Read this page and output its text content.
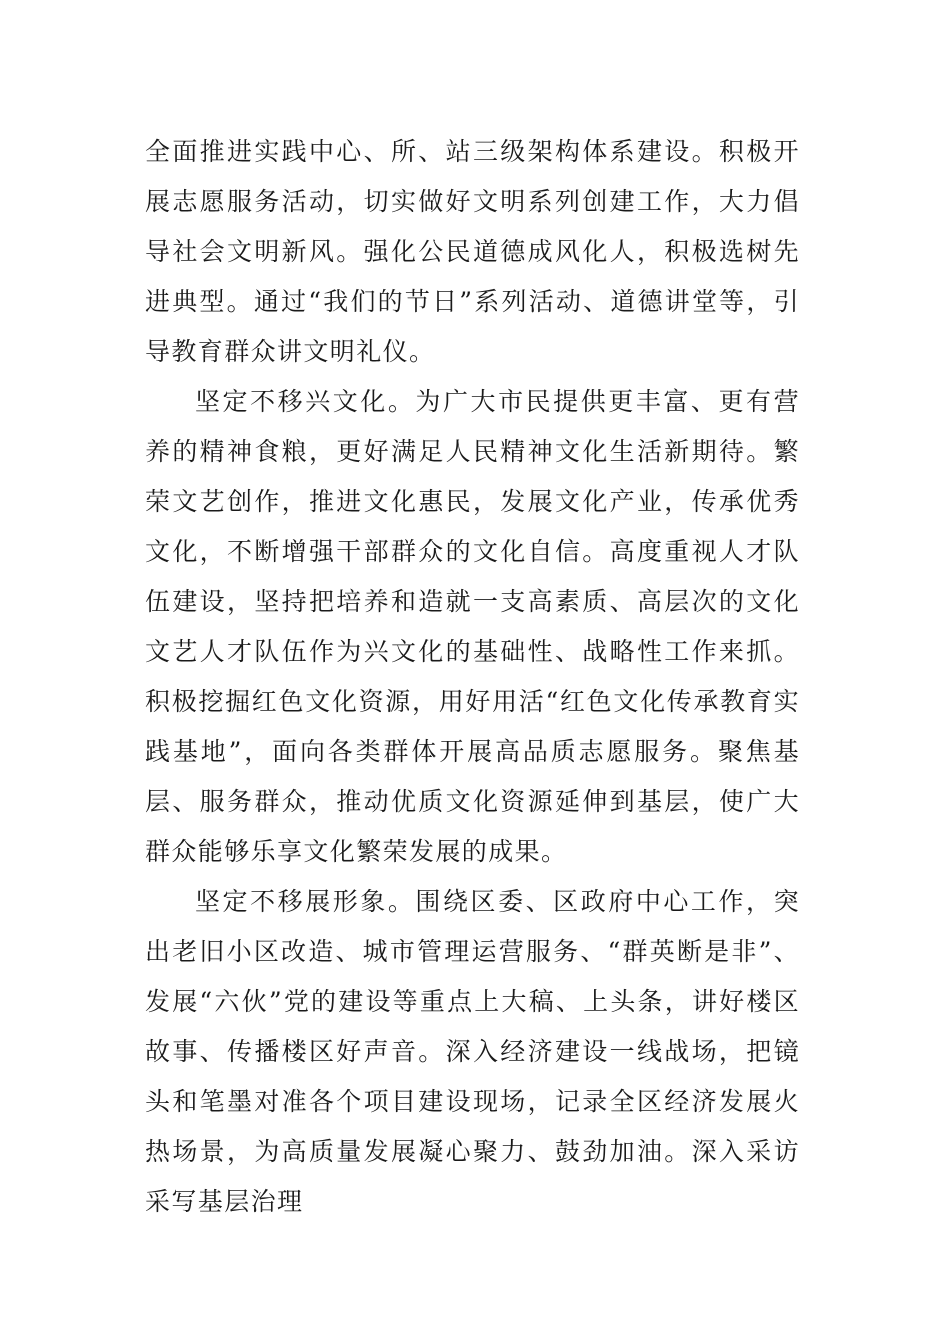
全面推进实践中心、所、站三级架构体系建设。积极开展志愿服务活动，切实做好文明系列创建工作，大力倡导社会文明新风。强化公民道德成风化人，积极选树先进典型。通过“我们的节日”系列活动、道德讲堂等，引导教育群众讲文明礼仪。

坚定不移兴文化。为广大市民提供更丰富、更有营养的精神食粮，更好满足人民精神文化生活新期待。繁荣文艺创作，推进文化惠民，发展文化产业，传承优秀文化，不断增强干部群众的文化自信。高度重视人才队伍建设，坚持把培养和造就一支高素质、高层次的文化文艺人才队伍作为兴文化的基础性、战略性工作来抓。积极挖掘红色文化资源，用好用活“红色文化传承教育实践基地”，面向各类群体开展高品质志愿服务。聚焦基层、服务群众，推动优质文化资源延伸到基层，使广大群众能够乐享文化繁荣发展的成果。

坚定不移展形象。围绕区委、区政府中心工作，突出老旧小区改造、城市管理运营服务、“群英断是非”、发展“六伙”党的建设等重点上大稿、上头条，讲好楼区故事、传播楼区好声音。深入经济建设一线战场，把镜头和笔墨对准各个项目建设现场，记录全区经济发展火热场景，为高质量发展凝心聚力、鼓劲加油。深入采访采写基层治理
